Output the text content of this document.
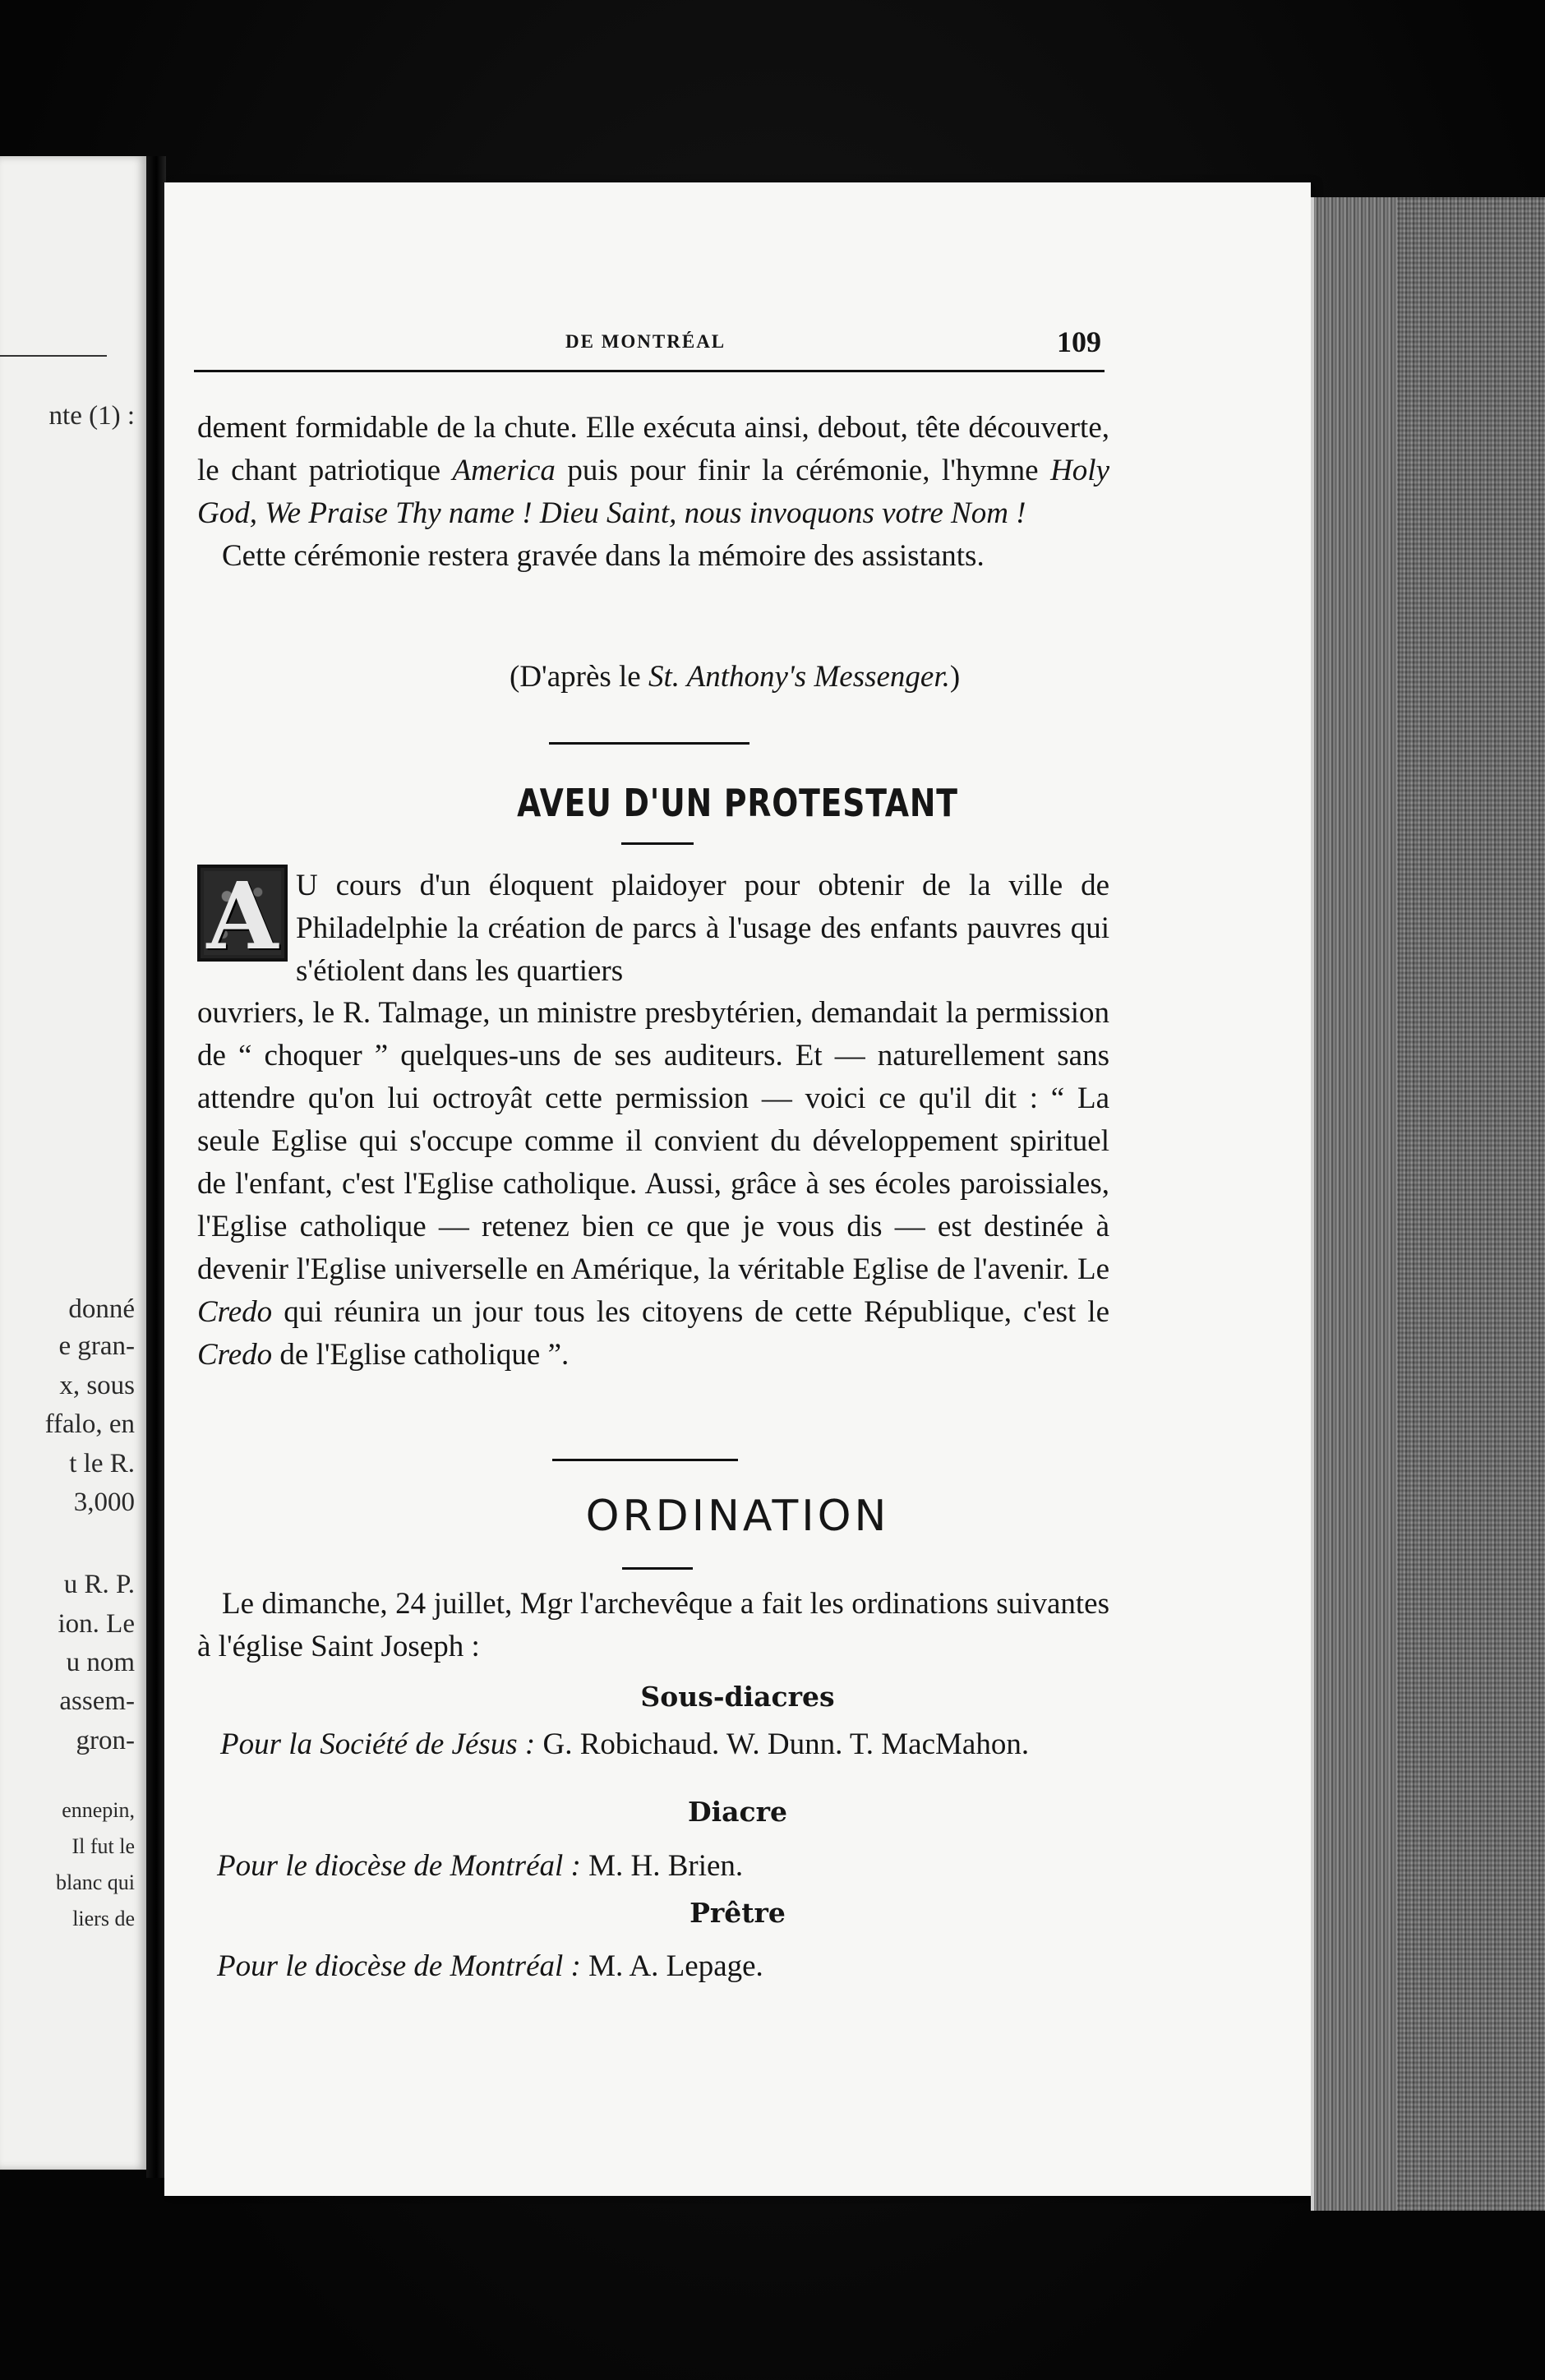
nte (1) :
donné
e gran-
x, sous
ffalo, en
t le R.
3,000
u R. P.
ion. Le
u nom
assem-
gron-
ennepin,
Il fut le
blanc qui
liers de
DE MONTRÉAL	109

dement formidable de la chute. Elle exécuta ainsi, debout, tête découverte, le chant patriotique America puis pour finir la cérémonie, l'hymne Holy God, We Praise Thy name ! Dieu Saint, nous invoquons votre Nom !

Cette cérémonie restera gravée dans la mémoire des assistants.

(D'après le St. Anthony's Messenger.)
AVEU D'UN PROTESTANT
A U cours d'un éloquent plaidoyer pour obtenir de la ville de Philadelphie la création de parcs à l'usage des enfants pauvres qui s'étiolent dans les quartiers

ouvriers, le R. Talmage, un ministre presbytérien, demandait la permission de “ choquer ” quelques-uns de ses auditeurs. Et — naturellement sans attendre qu'on lui octroyât cette permission — voici ce qu'il dit : “ La seule Eglise qui s'occupe comme il convient du développement spirituel de l'enfant, c'est l'Eglise catholique. Aussi, grâce à ses écoles paroissiales, l'Eglise catholique — retenez bien ce que je vous dis — est destinée à devenir l'Eglise universelle en Amérique, la véritable Eglise de l'avenir. Le Credo qui réunira un jour tous les citoyens de cette République, c'est le Credo de l'Eglise catholique ”.

ORDINATION
Le dimanche, 24 juillet, Mgr l'archevêque a fait les ordinations suivantes à l'église Saint Joseph :
Sous-diacres
Pour la Société de Jésus : G. Robichaud. W. Dunn. T. MacMahon.
Diacre
Pour le diocèse de Montréal : M. H. Brien.
Prêtre
Pour le diocèse de Montréal : M. A. Lepage.
